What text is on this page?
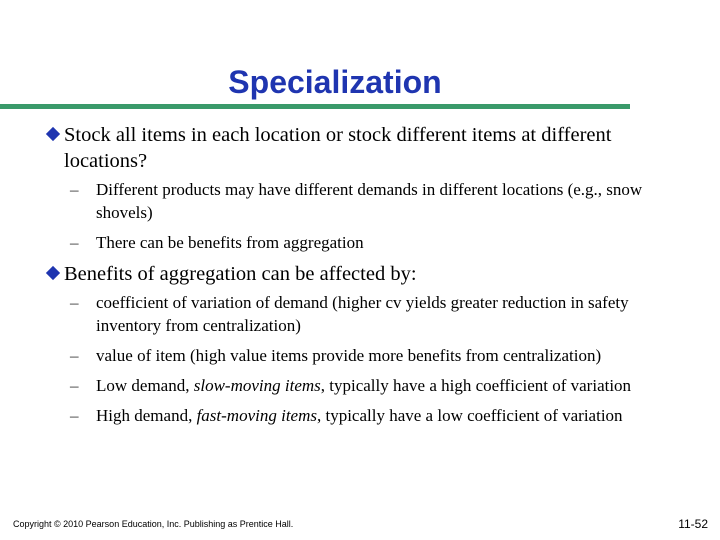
Specialization
Stock all items in each location or stock different items at different locations?
– Different products may have different demands in different locations (e.g., snow shovels)
– There can be benefits from aggregation
Benefits of aggregation can be affected by:
– coefficient of variation of demand (higher cv yields greater reduction in safety inventory from centralization)
– value of item (high value items provide more benefits from centralization)
– Low demand, slow-moving items, typically have a high coefficient of variation
– High demand, fast-moving items, typically have a low coefficient of variation
Copyright © 2010 Pearson Education, Inc. Publishing as Prentice Hall.	11-52
